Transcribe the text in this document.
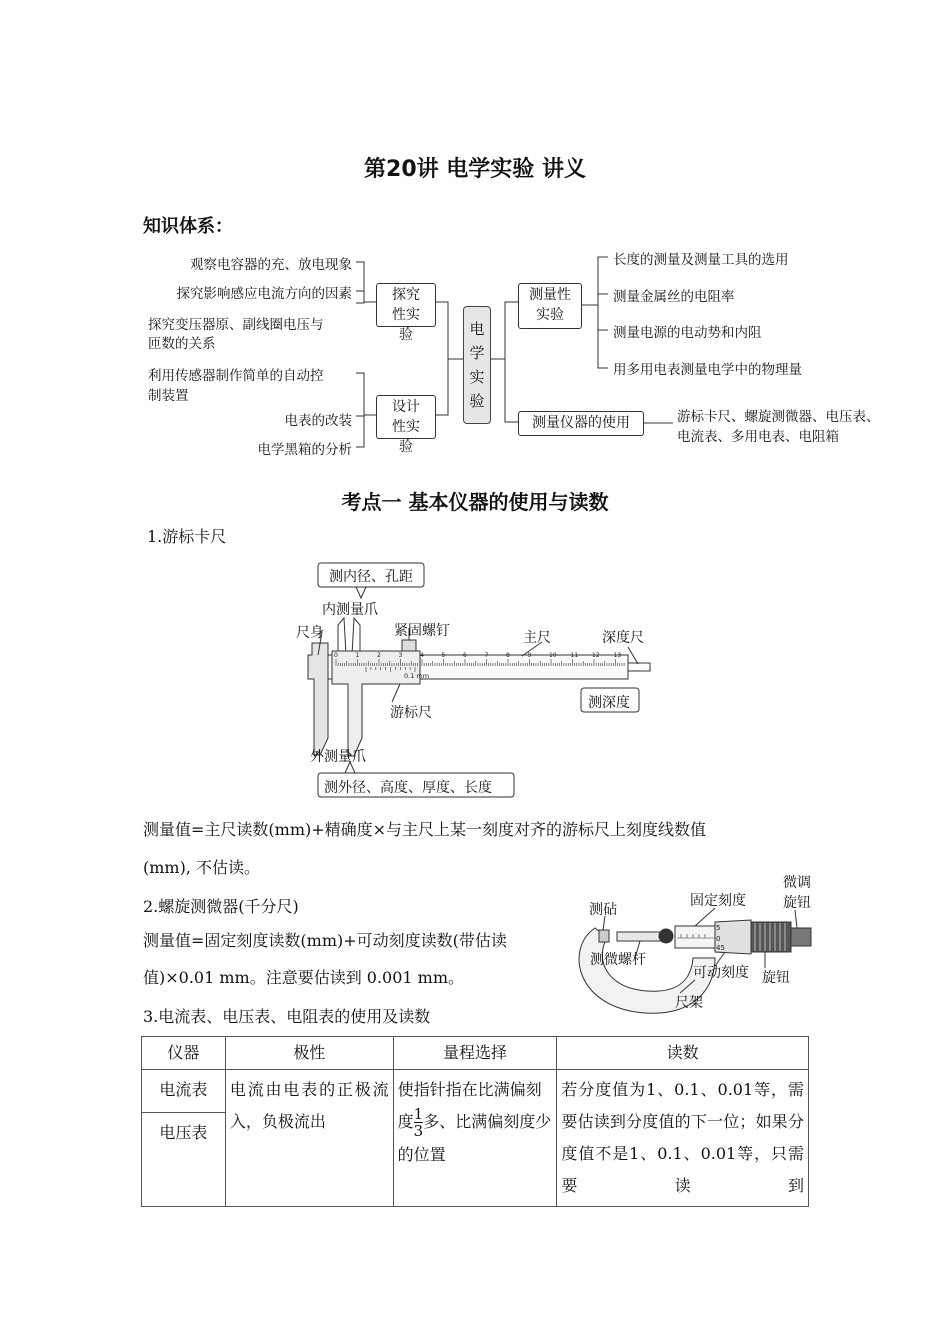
第20讲 电学实验 讲义
知识体系：
观察电容器的充、放电现象
探究影响感应电流方向的因素
探究变压器原、副线圈电压与
匝数的关系
利用传感器制作简单的自动控
制装置
电表的改装
电学黑箱的分析
探究性实验
设计性实验
电学实验
测量性实验
测量仪器的使用
长度的测量及测量工具的选用
测量金属丝的电阻率
测量电源的电动势和内阻
用多用电表测量电学中的物理量
游标卡尺、螺旋测微器、电压表、
电流表、多用电表、电阻箱
考点一 基本仪器的使用与读数
1.游标卡尺
0	1	2	3	4	5	6	7	8	9	10 11 12 13
0.1 mm
测内径、孔距
内测量爪
尺身	紧固螺钉	主尺	深度尺
测深度
游标尺
外测量爪
测外径、高度、厚度、长度
测量值=主尺读数(mm)+精确度×与主尺上某一刻度对齐的游标尺上刻度线数值
(mm), 不估读。
2.螺旋测微器(千分尺)
测量值=固定刻度读数(mm)+可动刻度读数(带估读
值)×0.01 mm。注意要估读到 0.001 mm。
5
0
45
测砧
固定刻度
微调
旋钮
测微螺杆
可动刻度 旋钮
尺架
3.电流表、电压表、电阻表的使用及读数
仪器	极性	量程选择	读数
电流表	电流由电表的正极流入，负极流出	使指针指在比满偏刻度 $\frac{1}{3}$ 多、比满偏刻度少的位置	若分度值为1、0.1、0.01等，需要估读到分度值的下一位；如果分度值不是1、0.1、0.01等，只需要读到
电压表			
